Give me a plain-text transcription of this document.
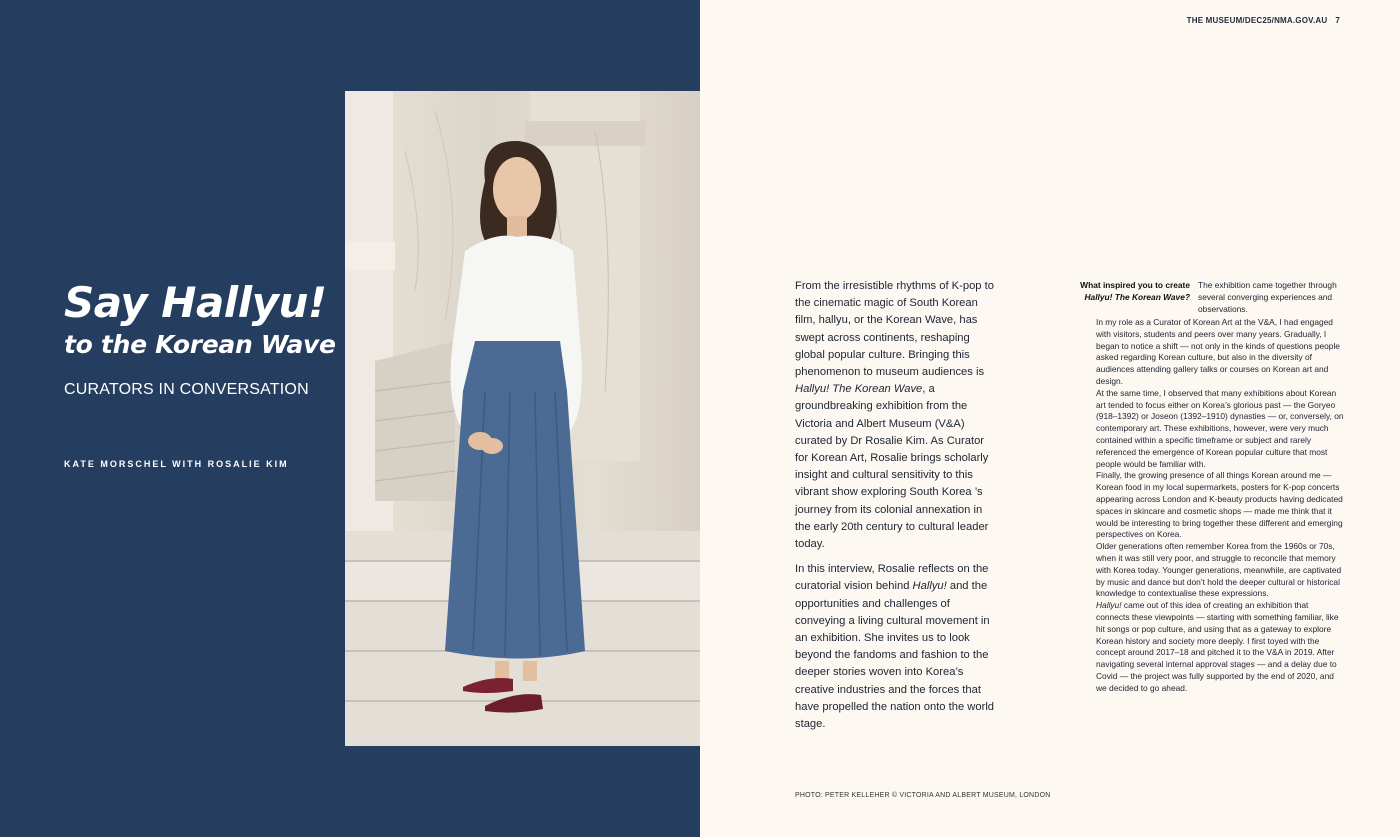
Say Hallyu!
to the Korean Wave

CURATORS IN CONVERSATION

KATE MORSCHEL WITH ROSALIE KIM

THE MUSEUM/DEC25/NMA.GOV.AU 7

From the irresistible rhythms of K-pop to the cinematic magic of South Korean film, hallyu, or the Korean Wave, has swept across continents, reshaping global popular culture. Bringing this phenomenon to museum audiences is Hallyu! The Korean Wave, a groundbreaking exhibition from the Victoria and Albert Museum (V&A) curated by Dr Rosalie Kim. As Curator for Korean Art, Rosalie brings scholarly insight and cultural sensitivity to this vibrant show exploring South Korea ’s journey from its colonial annexation in the early 20th century to cultural leader today.

In this interview, Rosalie reflects on the curatorial vision behind Hallyu! and the opportunities and challenges of conveying a living cultural movement in an exhibition. She invites us to look beyond the fandoms and fashion to the deeper stories woven into Korea’s creative industries and the forces that have propelled the nation onto the world stage.

What inspired you to create
Hallyu! The Korean Wave?
The exhibition came together through several converging experiences and observations.

In my role as a Curator of Korean Art at the V&A, I had engaged with visitors, students and peers over many years. Gradually, I began to notice a shift — not only in the kinds of questions people asked regarding Korean culture, but also in the diversity of audiences attending gallery talks or courses on Korean art and design.

At the same time, I observed that many exhibitions about Korean art tended to focus either on Korea’s glorious past — the Goryeo (918–1392) or Joseon (1392–1910) dynasties — or, conversely, on contemporary art. These exhibitions, however, were very much contained within a specific timeframe or subject and rarely referenced the emergence of Korean popular culture that most people would be familiar with.

Finally, the growing presence of all things Korean around me — Korean food in my local supermarkets, posters for K-pop concerts appearing across London and K-beauty products having dedicated spaces in skincare and cosmetic shops — made me think that it would be interesting to bring together these different and emerging perspectives on Korea.

Older generations often remember Korea from the 1960s or 70s, when it was still very poor, and struggle to reconcile that memory with Korea today. Younger generations, meanwhile, are captivated by music and dance but don’t hold the deeper cultural or historical knowledge to contextualise these expressions.

Hallyu! came out of this idea of creating an exhibition that connects these viewpoints — starting with something familiar, like hit songs or pop culture, and using that as a gateway to explore Korean history and society more deeply. I first toyed with the concept around 2017–18 and pitched it to the V&A in 2019. After navigating several internal approval stages — and a delay due to Covid — the project was fully supported by the end of 2020, and we decided to go ahead.

PHOTO: PETER KELLEHER © VICTORIA AND ALBERT MUSEUM, LONDON
